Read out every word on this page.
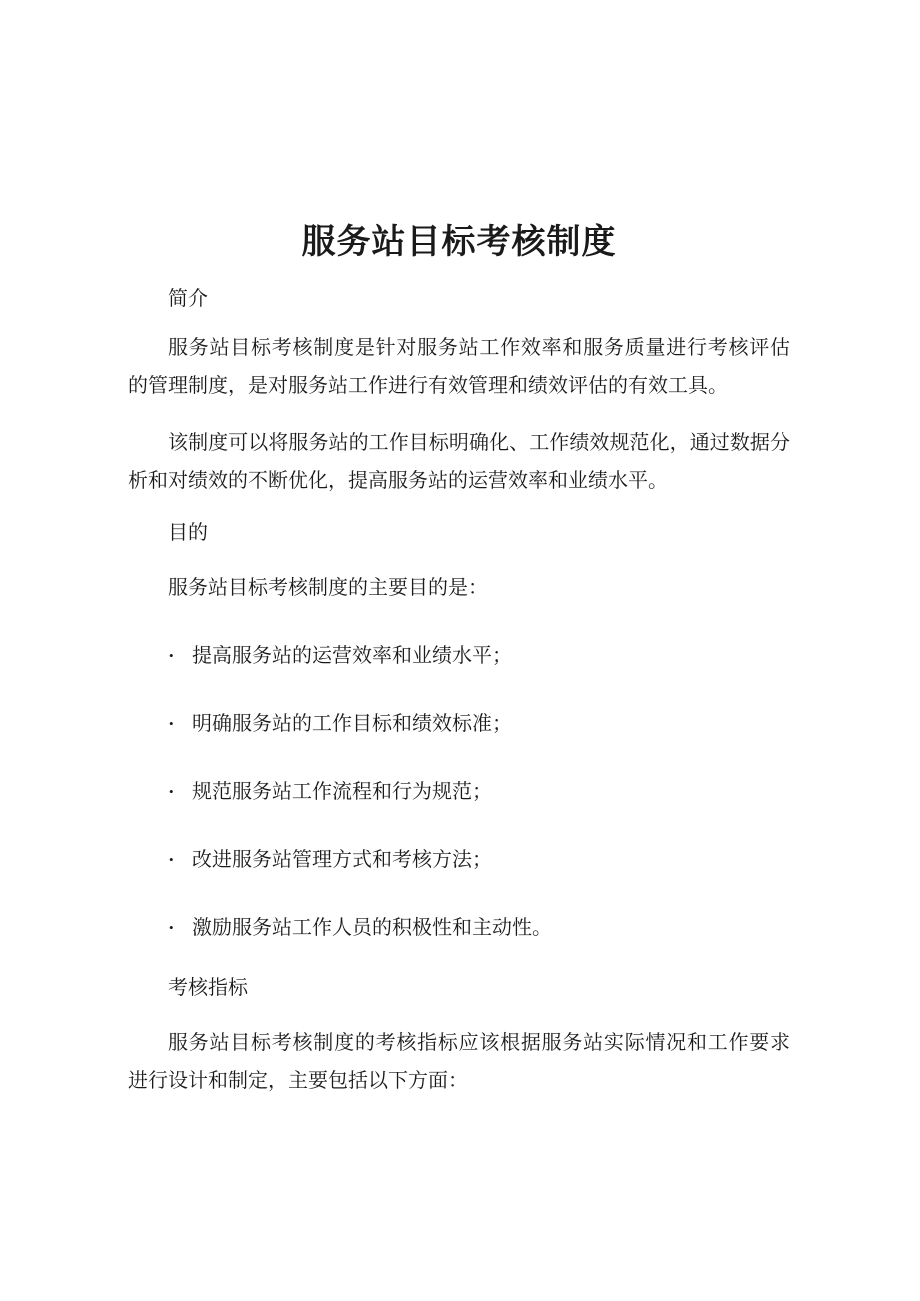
服务站目标考核制度

简介

服务站目标考核制度是针对服务站工作效率和服务质量进行考核评估
的管理制度，是对服务站工作进行有效管理和绩效评估的有效工具。
该制度可以将服务站的工作目标明确化、工作绩效规范化，通过数据分
析和对绩效的不断优化，提高服务站的运营效率和业绩水平。

目的

服务站目标考核制度的主要目的是：
• 提高服务站的运营效率和业绩水平；
• 明确服务站的工作目标和绩效标准；
• 规范服务站工作流程和行为规范；
• 改进服务站管理方式和考核方法；
• 激励服务站工作人员的积极性和主动性。

考核指标

服务站目标考核制度的考核指标应该根据服务站实际情况和工作要求
进行设计和制定，主要包括以下方面：
